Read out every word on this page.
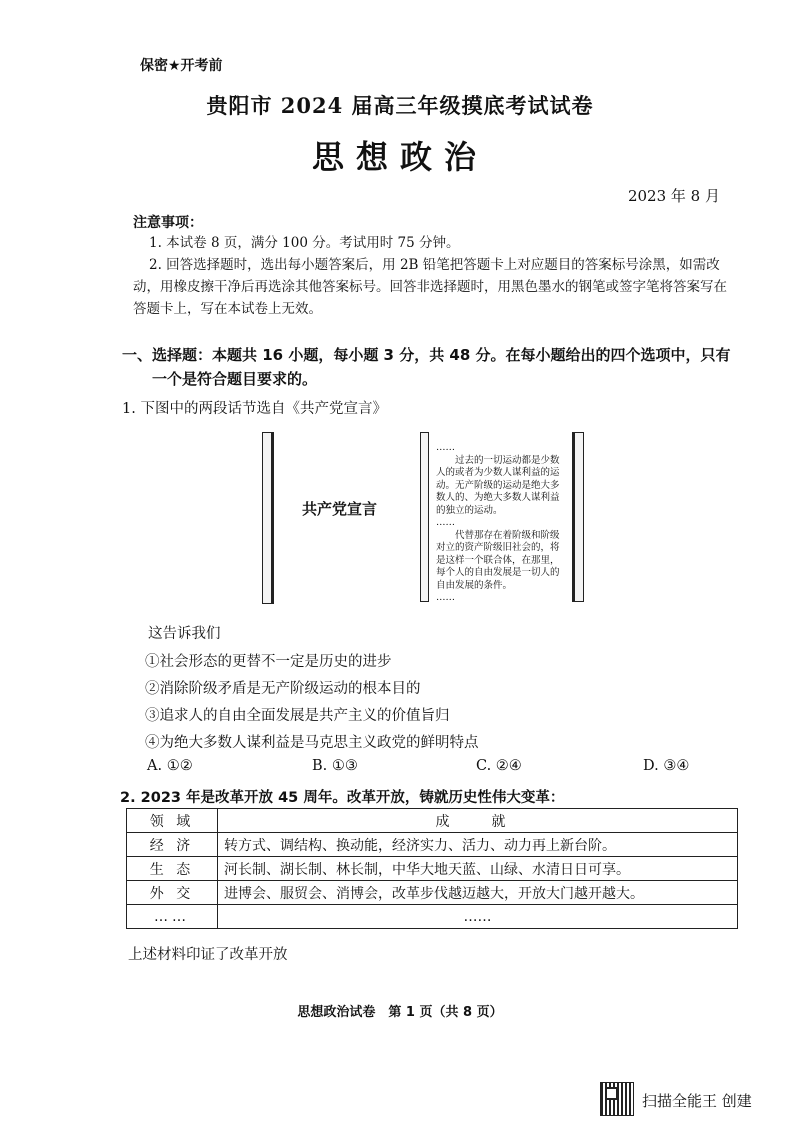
保密★开考前
贵阳市 2024 届高三年级摸底考试试卷
思想政治
2023 年 8 月
注意事项：
1. 本试卷 8 页，满分 100 分。考试用时 75 分钟。
2. 回答选择题时，选出每小题答案后，用 2B 铅笔把答题卡上对应题目的答案标号涂黑，如需改动，用橡皮擦干净后再选涂其他答案标号。回答非选择题时，用黑色墨水的钢笔或签字笔将答案写在答题卡上，写在本试卷上无效。
一、选择题：本题共 16 小题，每小题 3 分，共 48 分。在每小题给出的四个选项中，只有一个是符合题目要求的。
1. 下图中的两段话节选自《共产党宣言》
共产党宣言

……

过去的一切运动都是少数人的或者为少数人谋利益的运动。无产阶级的运动是绝大多数人的、为绝大多数人谋利益的独立的运动。

……

代替那存在着阶级和阶级对立的资产阶级旧社会的，将是这样一个联合体，在那里，每个人的自由发展是一切人的自由发展的条件。

……

这告诉我们
①社会形态的更替不一定是历史的进步
②消除阶级矛盾是无产阶级运动的根本目的
③追求人的自由全面发展是共产主义的价值旨归
④为绝大多数人谋利益是马克思主义政党的鲜明特点
A. ①②	B. ①③	C. ②④	D. ③④
2. 2023 年是改革开放 45 周年。改革开放，铸就历史性伟大变革：
领 域	成　就
经 济	转方式、调结构、换动能，经济实力、活力、动力再上新台阶。
生 态	河长制、湖长制、林长制，中华大地天蓝、山绿、水清日日可享。
外 交	进博会、服贸会、消博会，改革步伐越迈越大，开放大门越开越大。
……	……
上述材料印证了改革开放
思想政治试卷　第 1 页（共 8 页）
扫描全能王 创建
